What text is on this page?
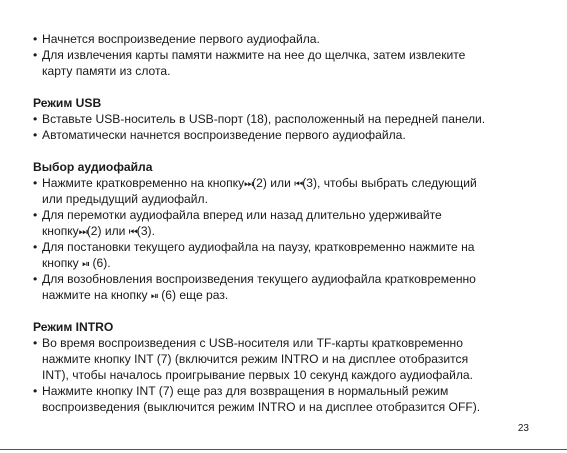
• Начнется воспроизведение первого аудиофайла.
• Для извлечения карты памяти нажмите на нее до щелчка, затем извлеките
карту памяти из слота.
Режим USB
• Вставьте USB-носитель в USB-порт (18), расположенный на передней панели.
• Автоматически начнется воспроизведение первого аудиофайла.
Выбор аудиофайла
• Нажмите кратковременно на кнопку⏭(2) или ⏮(3), чтобы выбрать следующий
или предыдущий аудиофайл.
• Для перемотки аудиофайла вперед или назад длительно удерживайте
кнопку⏭(2) или ⏮(3).
• Для постановки текущего аудиофайла на паузу, кратковременно нажмите на
кнопку ⏯ (6).
• Для возобновления воспроизведения текущего аудиофайла кратковременно
нажмите на кнопку ⏯ (6) еще раз.
Режим INTRO
• Во время воспроизведения с USB-носителя или TF-карты кратковременно
нажмите кнопку INT (7) (включится режим INTRO и на дисплее отобразится
INT), чтобы началось проигрывание первых 10 секунд каждого аудиофайла.
• Нажмите кнопку INT (7) еще раз для возвращения в нормальный режим
воспроизведения (выключится режим INTRO и на дисплее отобразится OFF).
23
